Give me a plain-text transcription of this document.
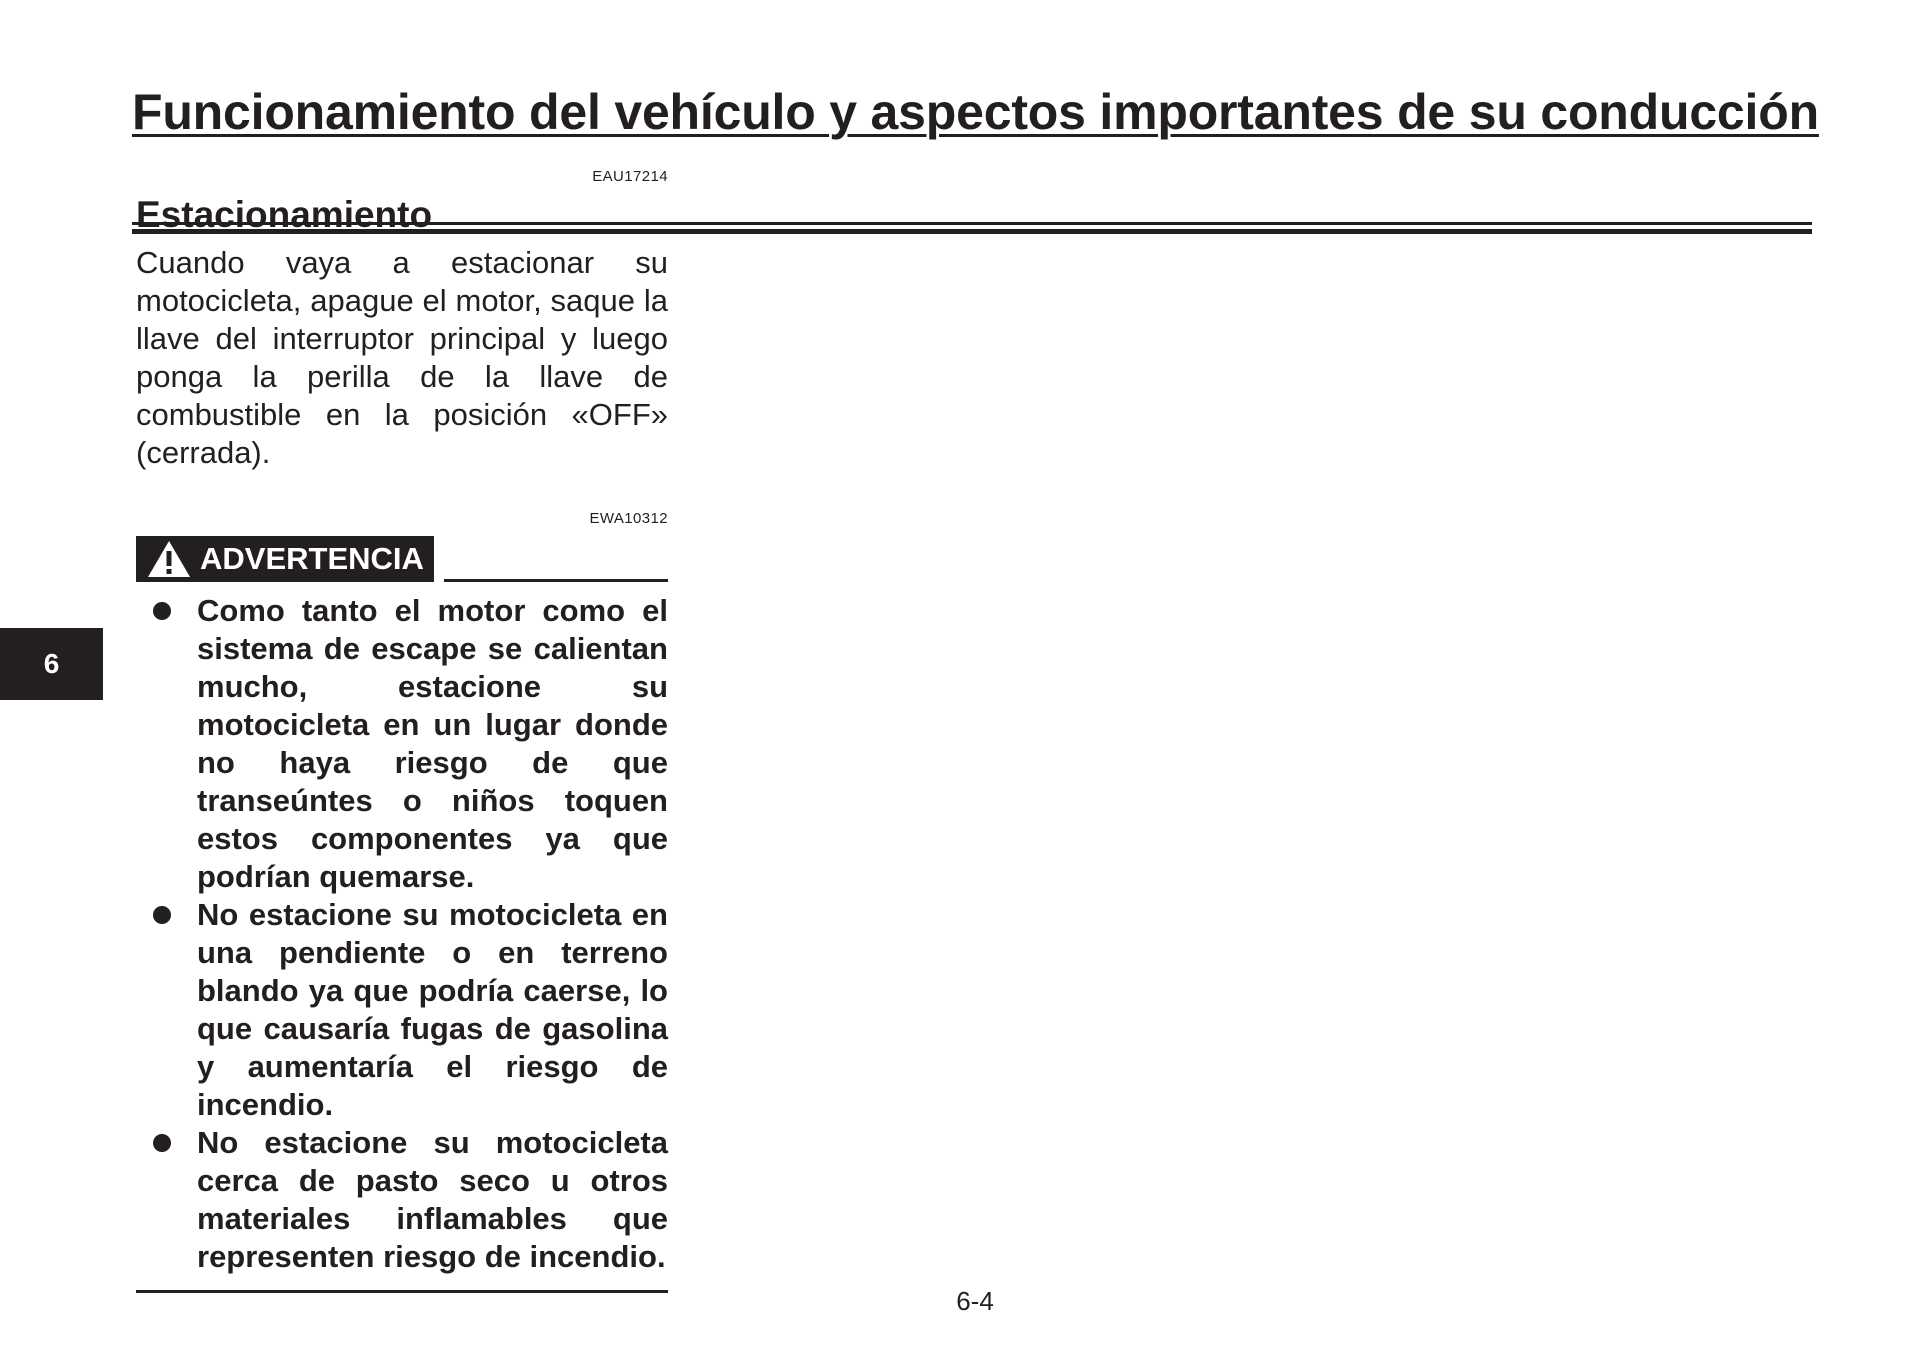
Funcionamiento del vehículo y aspectos importantes de su conducción
6
EAU17214
Estacionamiento

Cuando vaya a estacionar su motocicleta, apague el motor, saque la llave del interruptor principal y luego ponga la perilla de la llave de combustible en la posición «OFF» (cerrada).

EWA10312
ADVERTENCIA
Como tanto el motor como el sistema de escape se calientan mucho, estacione su motocicleta en un lugar donde no haya riesgo de que transeúntes o niños toquen estos componentes ya que podrían quemarse.
No estacione su motocicleta en una pendiente o en terreno blando ya que podría caerse, lo que causaría fugas de gasolina y aumentaría el riesgo de incendio.
No estacione su motocicleta cerca de pasto seco u otros materiales inflamables que representen riesgo de incendio.
6-4
